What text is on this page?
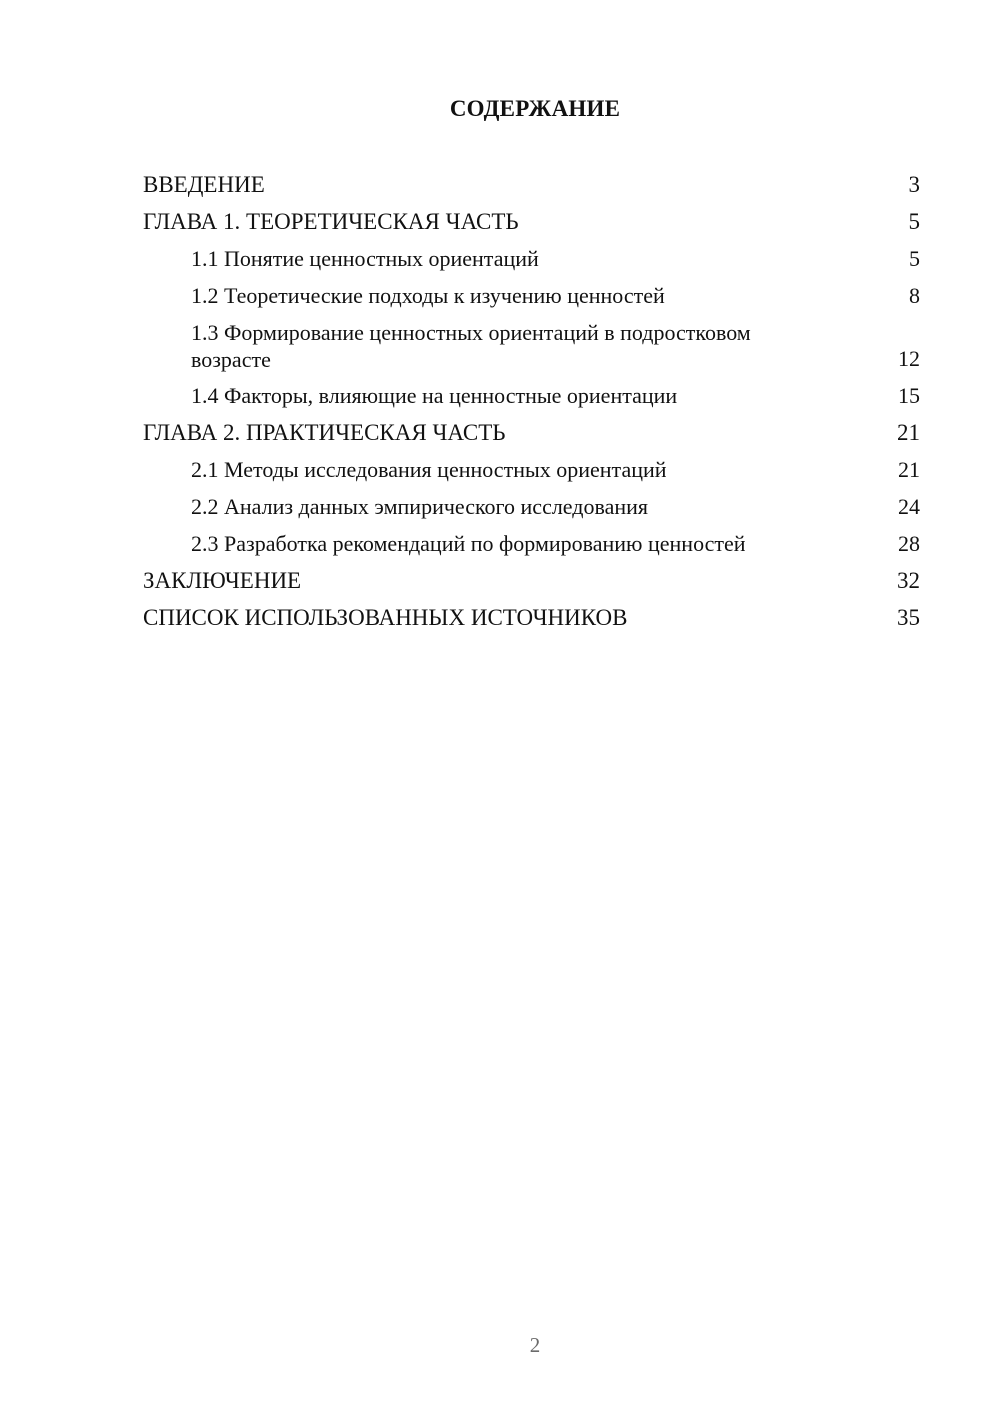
СОДЕРЖАНИЕ
ВВЕДЕНИЕ	3
ГЛАВА 1. ТЕОРЕТИЧЕСКАЯ ЧАСТЬ	5
1.1 Понятие ценностных ориентаций	5
1.2 Теоретические подходы к изучению ценностей	8
1.3 Формирование ценностных ориентаций в подростковом возрасте	12
1.4 Факторы, влияющие на ценностные ориентации	15
ГЛАВА 2. ПРАКТИЧЕСКАЯ ЧАСТЬ	21
2.1 Методы исследования ценностных ориентаций	21
2.2 Анализ данных эмпирического исследования	24
2.3 Разработка рекомендаций по формированию ценностей	28
ЗАКЛЮЧЕНИЕ	32
СПИСОК ИСПОЛЬЗОВАННЫХ ИСТОЧНИКОВ	35
2
